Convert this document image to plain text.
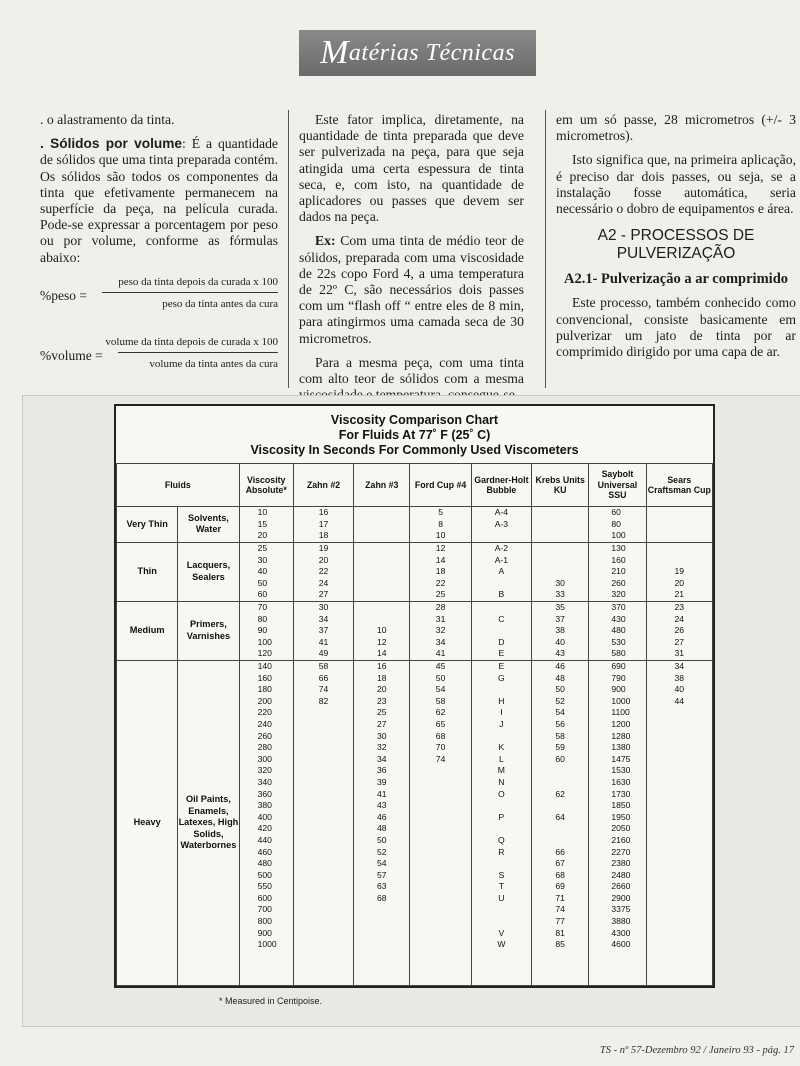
M atérias Técnicas

. o alastramento da tinta.

. Sólidos por volume: É a quantidade de sólidos que uma tinta preparada contém. Os sólidos são todos os componentes da tinta que efetivamente permanecem na superfície da peça, na película curada. Pode-se expressar a porcentagem por peso ou por volume, conforme as fórmulas abaixo:

%peso =
peso da tinta depois da curada x 100
peso da tinta antes da cura
%volume =
volume da tinta depois de curada x 100
volume da tinta antes da cura

Este fator implica, diretamente, na quantidade de tinta preparada que deve ser pulverizada na peça, para que seja atingida uma certa espessura de tinta seca, e, com isto, na quantidade de aplicadores ou passes que devem ser dados na peça.

Ex: Com uma tinta de médio teor de sólidos, preparada com uma viscosidade de 22s copo Ford 4, a uma temperatura de 22º C, são necessários dois passes com um “flash off “ entre eles de 8 min, para atingirmos uma camada seca de 30 micrometros.

Para a mesma peça, com uma tinta com alto teor de sólidos com a mesma

em um só passe, 28 micrometros (+/- 3 micrometros).

Isto significa que, na primeira aplicação, é preciso dar dois passes, ou seja, se a instalação fosse automática, seria necessário o dobro de equipamentos e área.

A2 - PROCESSOS DE
PULVERIZAÇÃO
A2.1- Pulverização a ar comprimido

Este processo, também conhecido como convencional, consiste basicamente em pulverizar um jato de tinta por ar comprimido dirigido por uma capa de ar.

Viscosity Comparison Chart
For Fluids At 77˚ F (25˚ C)
Viscosity In Seconds For Commonly Used Viscometers
Fluids		Viscosity Absolute*	Zahn #2	Zahn #3	Ford Cup #4	Gardner-Holt Bubble	Krebs Units KU	Saybolt Universal SSU	Sears Craftsman Cup
Very Thin	Solvents, Water	10	16		5	A-4		60	
		15	17		8	A-3		80	
		20	18		10			100	
Thin	Lacquers, Sealers	25	19		12	A-2		130	
		30	20		14	A-1		160	
		40	22		18	A		210	19
		50	24		22		30	260	20
		60	27		25	B	33	320	21
Medium	Primers, Varnishes	70	30		28		35	370	23
		80	34		31	C	37	430	24
		90	37	10	32		38	480	26
		100	41	12	34	D	40	530	27
		120	49	14	41	E	43	580	31
Heavy	Oil Paints, Enamels, Latexes, High Solids, Waterbornes	140	58	16	45	E	46	690	34
		160	66	18	50	G	48	790	38
		180	74	20	54		50	900	40
		200	82	23	58	H	52	1000	44
		220		25	62	I	54	1100	
		240		27	65	J	56	1200	
		260		30	68		58	1280	
		280		32	70	K	59	1380	
		300		34	74	L	60	1475	
		320		36		M		1530	
		340		39		N		1630	
		360		41		O	62	1730	
		380		43				1850	
		400		46		P	64	1950	
		420		48				2050	
		440		50		Q		2160	
		460		52		R	66	2270	
		480		54			67	2380	
		500		57		S	68	2480	
		550		63		T	69	2660	
		600		68		U	71	2900	
		700					74	3375	
		800					77	3880	
		900				V	81	4300	
		1000				W	85	4600	

* Measured in Centipoise.
TS - nº 57-Dezembro 92 / Janeiro 93 - pág. 17
